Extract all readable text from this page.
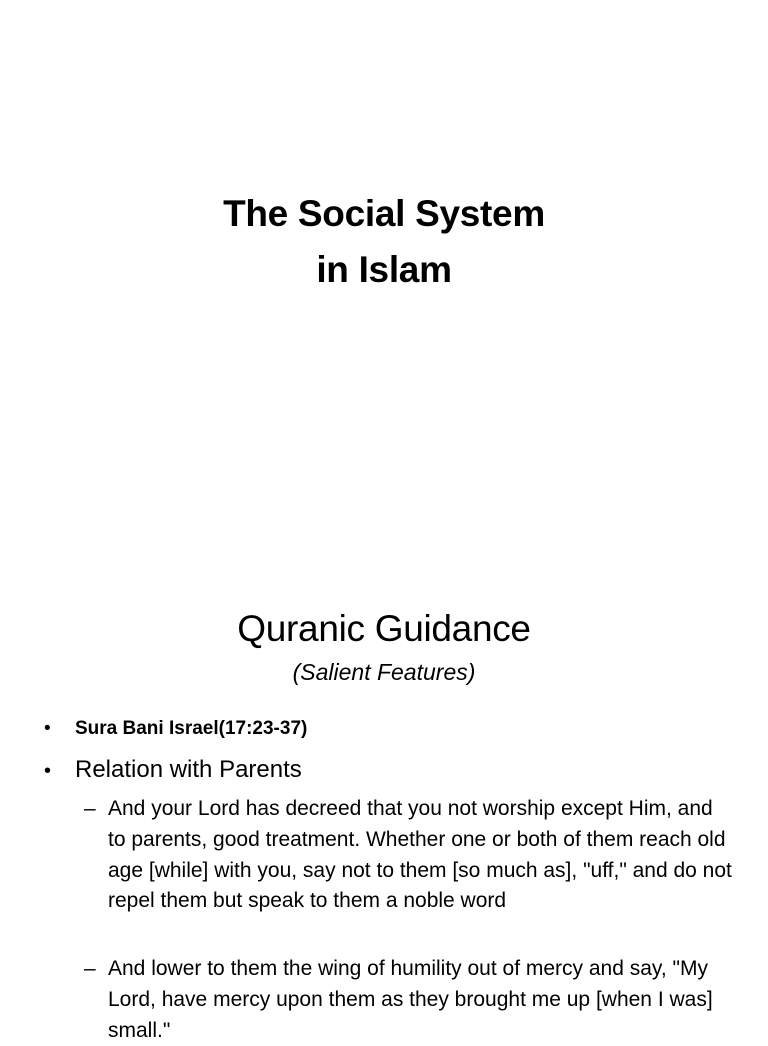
The Social System
in Islam
Quranic Guidance
(Salient Features)
•	Sura Bani Israel(17:23-37)
• Relation with Parents
– And your Lord has decreed that you not worship except Him, and to parents, good treatment. Whether one or both of them reach old age [while] with you, say not to them [so much as], "uff," and do not repel them but speak to them a noble word
– And lower to them the wing of humility out of mercy and say, "My Lord, have mercy upon them as they brought me up [when I was] small."
